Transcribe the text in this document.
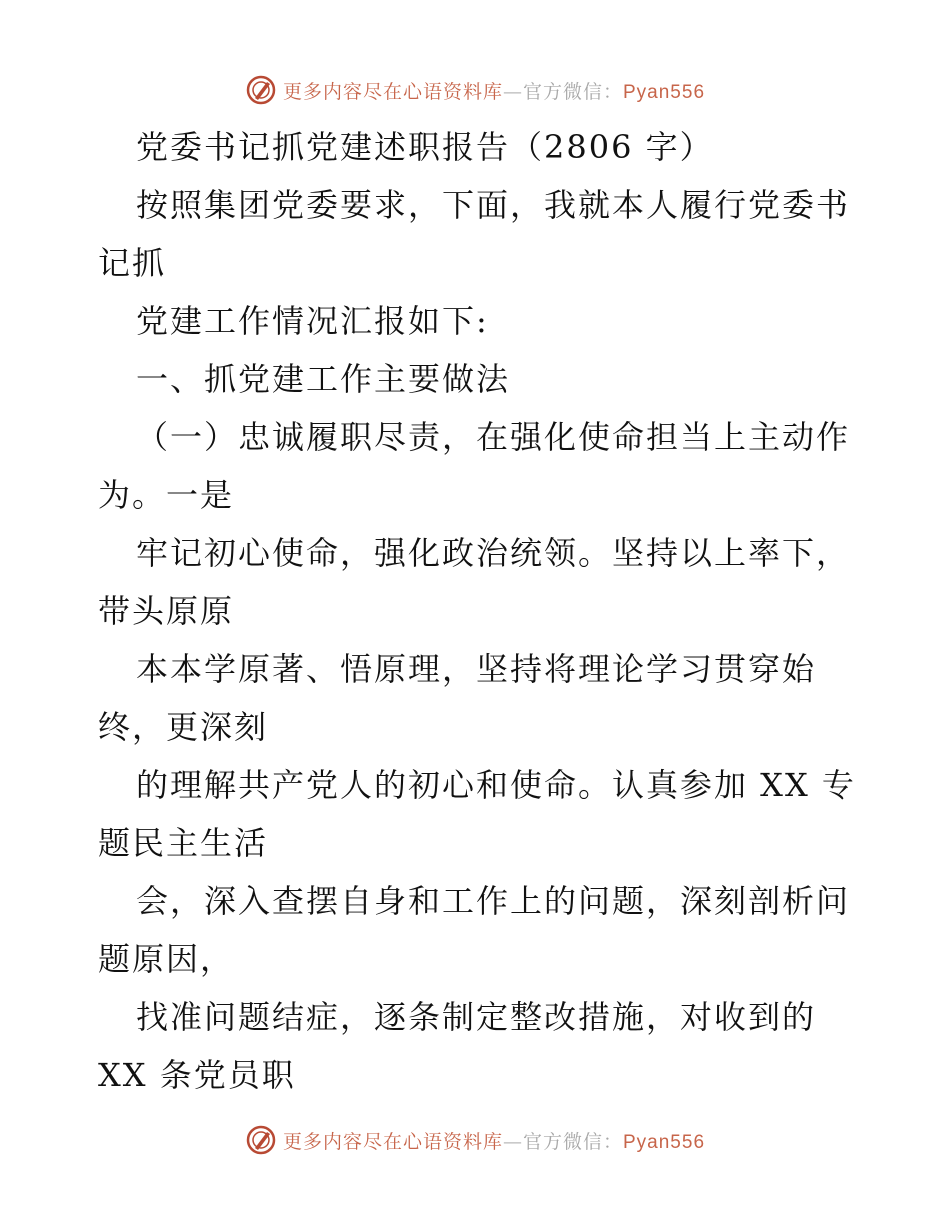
更多内容尽在心语资料库—官方微信：Pyan556
党委书记抓党建述职报告（2806 字）
按照集团党委要求，下面，我就本人履行党委书
记抓
党建工作情况汇报如下:
一、抓党建工作主要做法
（一）忠诚履职尽责，在强化使命担当上主动作
为。一是
牢记初心使命，强化政治统领。坚持以上率下，
带头原原
本本学原著、悟原理，坚持将理论学习贯穿始
终，更深刻
的理解共产党人的初心和使命。认真参加 XX 专
题民主生活
会，深入查摆自身和工作上的问题，深刻剖析问
题原因，
找准问题结症，逐条制定整改措施，对收到的
XX 条党员职
更多内容尽在心语资料库—官方微信：Pyan556
